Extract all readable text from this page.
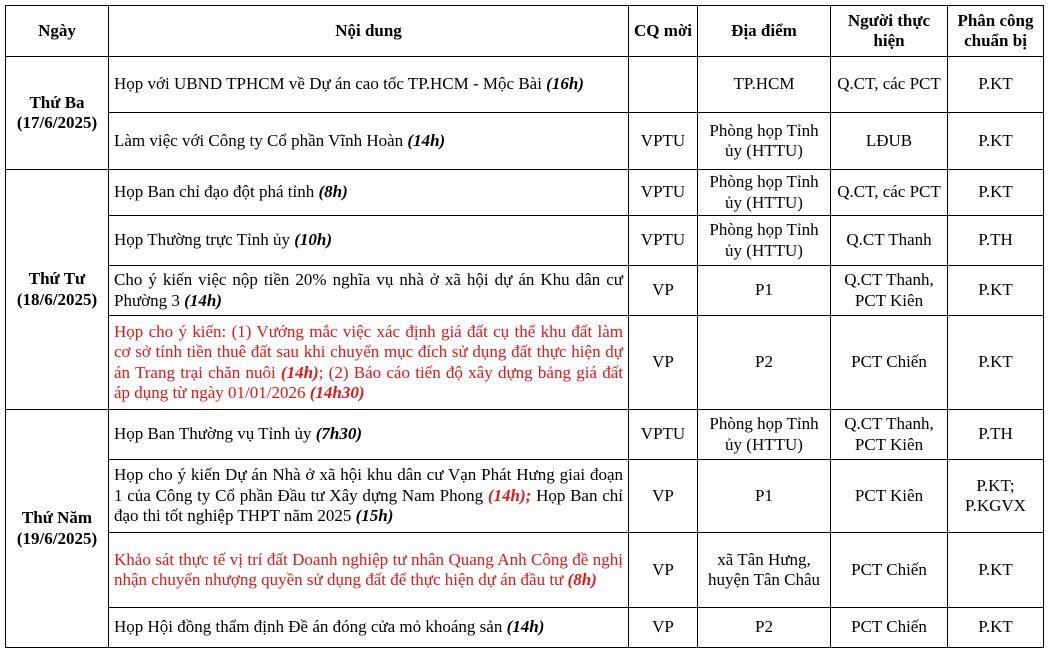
Ngày	Nội dung	CQ mời	Địa điểm	Người thực hiện	Phân công chuẩn bị

Thứ Ba
(17/6/2025)	Họp với UBND TPHCM về Dự án cao tốc TP.HCM - Mộc Bài (16h)		TP.HCM	Q.CT, các PCT	P.KT
	Làm việc với Công ty Cổ phần Vĩnh Hoàn (14h)	VPTU	Phòng họp Tỉnh ủy (HTTU)	LĐUB	P.KT

Thứ Tư
(18/6/2025)	Họp Ban chỉ đạo đột phá tỉnh (8h)	VPTU	Phòng họp Tỉnh ủy (HTTU)	Q.CT, các PCT	P.KT
	Họp Thường trực Tỉnh ủy (10h)	VPTU	Phòng họp Tỉnh ủy (HTTU)	Q.CT Thanh	P.TH
	Cho ý kiến việc nộp tiền 20% nghĩa vụ nhà ở xã hội dự án Khu dân cư Phường 3 (14h)	VP	P1	Q.CT Thanh, PCT Kiên	P.KT
	Họp cho ý kiến: (1) Vướng mắc việc xác định giá đất cụ thể khu đất làm cơ sở tính tiền thuê đất sau khi chuyển mục đích sử dụng đất thực hiện dự án Trang trại chăn nuôi (14h); (2) Báo cáo tiến độ xây dựng bảng giá đất áp dụng từ ngày 01/01/2026 (14h30)	VP	P2	PCT Chiến	P.KT

Thứ Năm
(19/6/2025)	Họp Ban Thường vụ Tỉnh ủy (7h30)	VPTU	Phòng họp Tỉnh ủy (HTTU)	Q.CT Thanh, PCT Kiên	P.TH
	Họp cho ý kiến Dự án Nhà ở xã hội khu dân cư Vạn Phát Hưng giai đoạn 1 của Công ty Cổ phần Đầu tư Xây dựng Nam Phong (14h); Họp Ban chỉ đạo thi tốt nghiệp THPT năm 2025 (15h)	VP	P1	PCT Kiên	P.KT; P.KGVX
	Khảo sát thực tế vị trí đất Doanh nghiệp tư nhân Quang Anh Công đề nghị nhận chuyển nhượng quyền sử dụng đất để thực hiện dự án đầu tư (8h)	VP	xã Tân Hưng, huyện Tân Châu	PCT Chiến	P.KT
	Họp Hội đồng thẩm định Đề án đóng cửa mỏ khoáng sản (14h)	VP	P2	PCT Chiến	P.KT
